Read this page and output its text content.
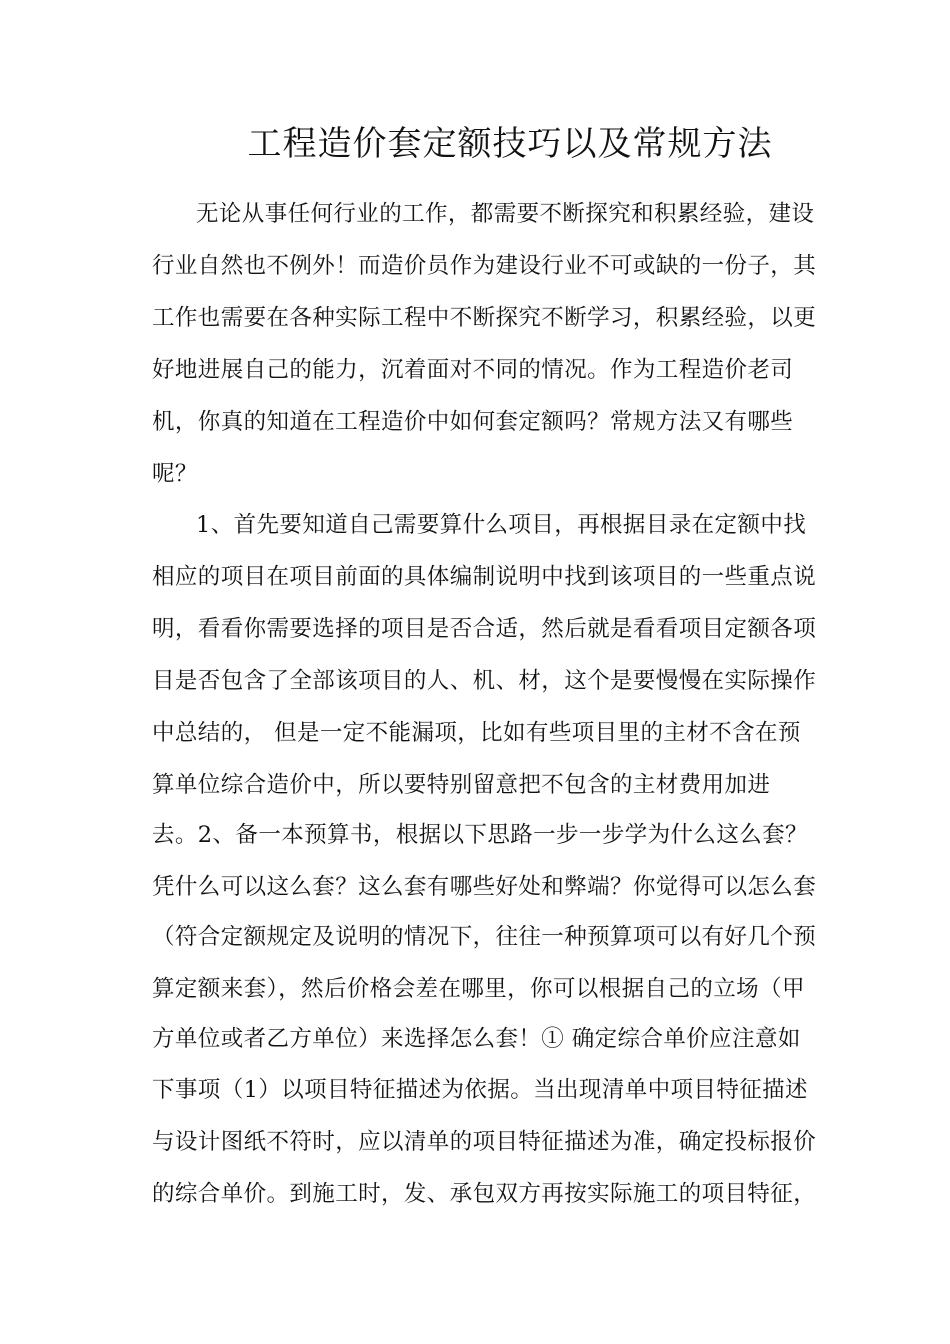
工程造价套定额技巧以及常规方法
无论从事任何行业的工作，都需要不断探究和积累经验，建设
行业自然也不例外！而造价员作为建设行业不可或缺的一份子，其
工作也需要在各种实际工程中不断探究不断学习，积累经验，以更
好地进展自己的能力，沉着面对不同的情况。作为工程造价老司
机，你真的知道在工程造价中如何套定额吗？常规方法又有哪些
呢？
1、首先要知道自己需要算什么项目，再根据目录在定额中找
相应的项目在项目前面的具体编制说明中找到该项目的一些重点说
明，看看你需要选择的项目是否合适，然后就是看看项目定额各项
目是否包含了全部该项目的人、机、材，这个是要慢慢在实际操作
中总结的， 但是一定不能漏项，比如有些项目里的主材不含在预
算单位综合造价中，所以要特别留意把不包含的主材费用加进
去。2、备一本预算书，根据以下思路一步一步学为什么这么套？
凭什么可以这么套？这么套有哪些好处和弊端？你觉得可以怎么套
（符合定额规定及说明的情况下，往往一种预算项可以有好几个预
算定额来套），然后价格会差在哪里，你可以根据自己的立场（甲
方单位或者乙方单位）来选择怎么套！① 确定综合单价应注意如
下事项（1）以项目特征描述为依据。当出现清单中项目特征描述
与设计图纸不符时，应以清单的项目特征描述为准，确定投标报价
的综合单价。到施工时，发、承包双方再按实际施工的项目特征，
